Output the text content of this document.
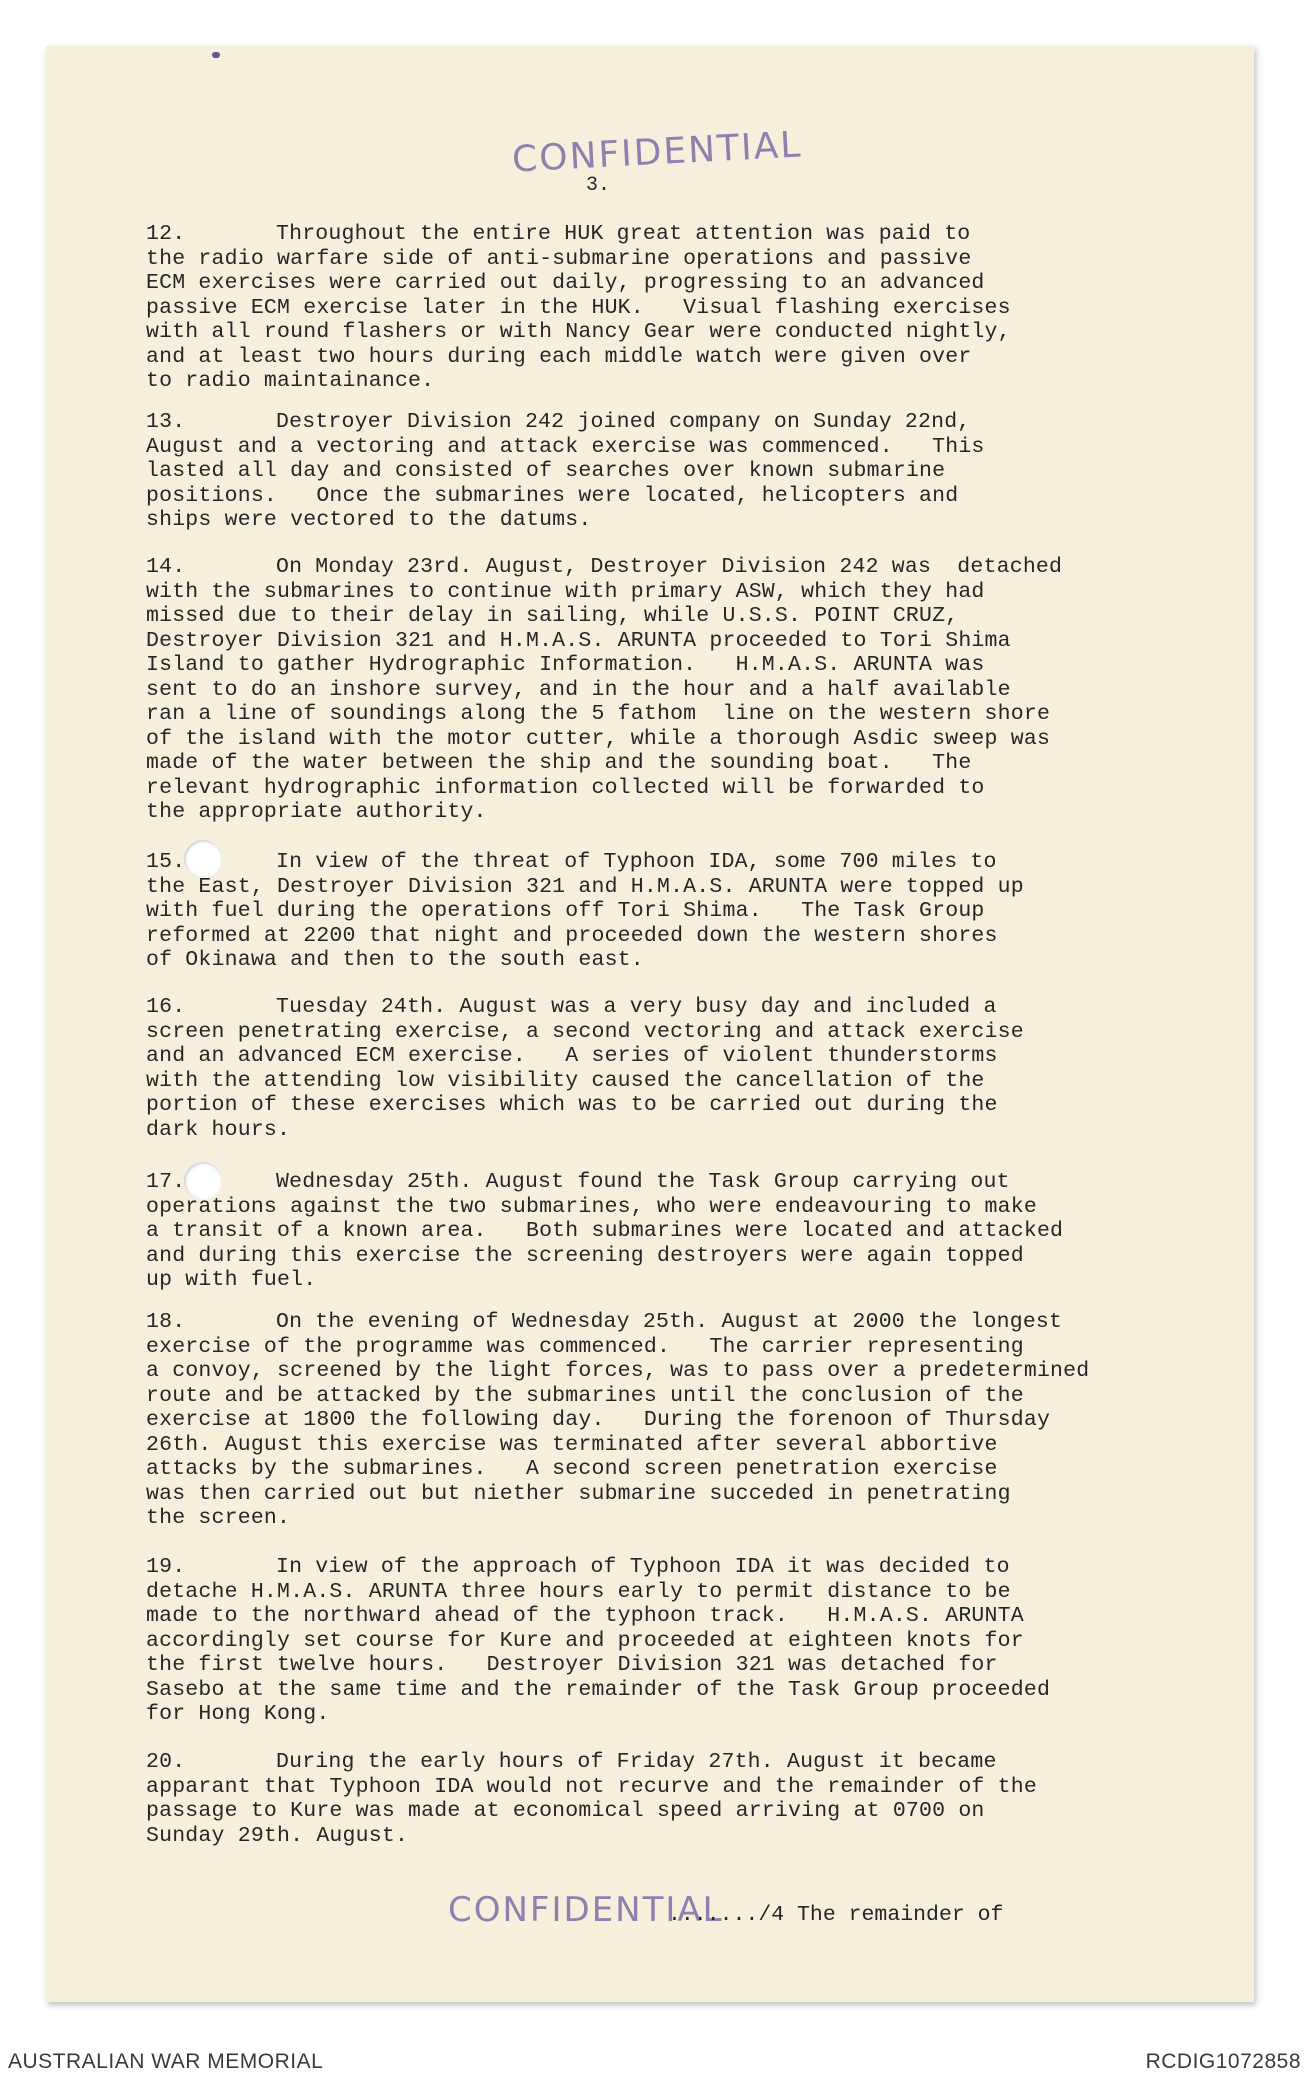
CONFIDENTIAL
3.
12.	Throughout the entire HUK great attention was paid to
the radio warfare side of anti-submarine operations and passive
ECM exercises were carried out daily, progressing to an advanced
passive ECM exercise later in the HUK.   Visual flashing exercises
with all round flashers or with Nancy Gear were conducted nightly,
and at least two hours during each middle watch were given over
to radio maintainance.
13.	Destroyer Division 242 joined company on Sunday 22nd,
August and a vectoring and attack exercise was commenced.   This
lasted all day and consisted of searches over known submarine
positions.   Once the submarines were located, helicopters and
ships were vectored to the datums.
14.	On Monday 23rd. August, Destroyer Division 242 was  detached
with the submarines to continue with primary ASW, which they had
missed due to their delay in sailing, while U.S.S. POINT CRUZ,
Destroyer Division 321 and H.M.A.S. ARUNTA proceeded to Tori Shima
Island to gather Hydrographic Information.   H.M.A.S. ARUNTA was
sent to do an inshore survey, and in the hour and a half available
ran a line of soundings along the 5 fathom  line on the western shore
of the island with the motor cutter, while a thorough Asdic sweep was
made of the water between the ship and the sounding boat.   The
relevant hydrographic information collected will be forwarded to
the appropriate authority.
15.	In view of the threat of Typhoon IDA, some 700 miles to
the East, Destroyer Division 321 and H.M.A.S. ARUNTA were topped up
with fuel during the operations off Tori Shima.   The Task Group
reformed at 2200 that night and proceeded down the western shores
of Okinawa and then to the south east.
16.	Tuesday 24th. August was a very busy day and included a
screen penetrating exercise, a second vectoring and attack exercise
and an advanced ECM exercise.   A series of violent thunderstorms
with the attending low visibility caused the cancellation of the
portion of these exercises which was to be carried out during the
dark hours.
17.	Wednesday 25th. August found the Task Group carrying out
operations against the two submarines, who were endeavouring to make
a transit of a known area.   Both submarines were located and attacked
and during this exercise the screening destroyers were again topped
up with fuel.
18.	On the evening of Wednesday 25th. August at 2000 the longest
exercise of the programme was commenced.   The carrier representing
a convoy, screened by the light forces, was to pass over a predetermined
route and be attacked by the submarines until the conclusion of the
exercise at 1800 the following day.   During the forenoon of Thursday
26th. August this exercise was terminated after several abbortive
attacks by the submarines.   A second screen penetration exercise
was then carried out but niether submarine succeded in penetrating
the screen.
19.	In view of the approach of Typhoon IDA it was decided to
detache H.M.A.S. ARUNTA three hours early to permit distance to be
made to the northward ahead of the typhoon track.   H.M.A.S. ARUNTA
accordingly set course for Kure and proceeded at eighteen knots for
the first twelve hours.   Destroyer Division 321 was detached for
Sasebo at the same time and the remainder of the Task Group proceeded
for Hong Kong.
20.	During the early hours of Friday 27th. August it became
apparant that Typhoon IDA would not recurve and the remainder of the
passage to Kure was made at economical speed arriving at 0700 on
Sunday 29th. August.
CONFIDENTIAL
......./4 The remainder of
AUSTRALIAN WAR MEMORIAL	RCDIG1072858
